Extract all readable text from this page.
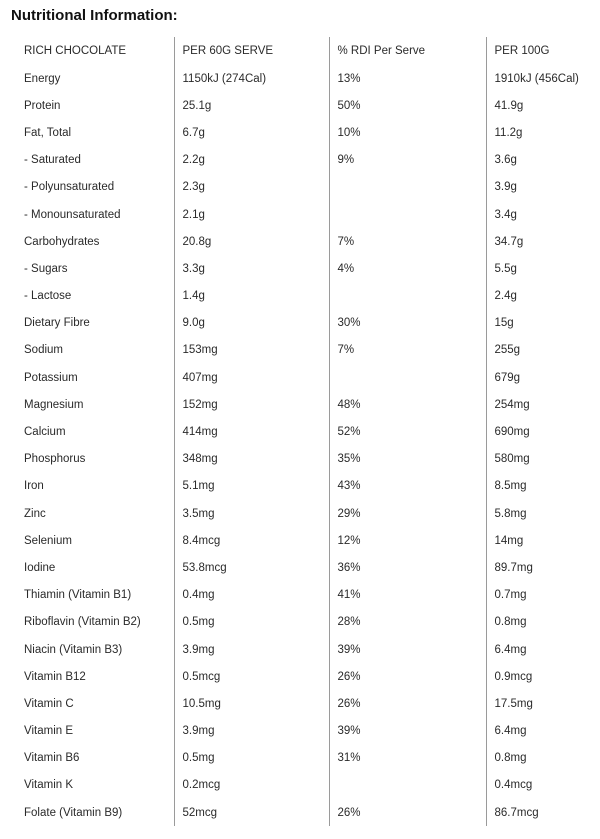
Nutritional Information:
RICH CHOCOLATE	PER 60G SERVE	% RDI Per Serve	PER 100G
Energy	1150kJ (274Cal)	13%	1910kJ (456Cal)
Protein	25.1g	50%	41.9g
Fat, Total	6.7g	10%	11.2g
- Saturated	2.2g	9%	3.6g
- Polyunsaturated	2.3g		3.9g
- Monounsaturated	2.1g		3.4g
Carbohydrates	20.8g	7%	34.7g
- Sugars	3.3g	4%	5.5g
- Lactose	1.4g		2.4g
Dietary Fibre	9.0g	30%	15g
Sodium	153mg	7%	255g
Potassium	407mg		679g
Magnesium	152mg	48%	254mg
Calcium	414mg	52%	690mg
Phosphorus	348mg	35%	580mg
Iron	5.1mg	43%	8.5mg
Zinc	3.5mg	29%	5.8mg
Selenium	8.4mcg	12%	14mg
Iodine	53.8mcg	36%	89.7mg
Thiamin (Vitamin B1)	0.4mg	41%	0.7mg
Riboflavin (Vitamin B2)	0.5mg	28%	0.8mg
Niacin (Vitamin B3)	3.9mg	39%	6.4mg
Vitamin B12	0.5mcg	26%	0.9mcg
Vitamin C	10.5mg	26%	17.5mg
Vitamin E	3.9mg	39%	6.4mg
Vitamin B6	0.5mg	31%	0.8mg
Vitamin K	0.2mcg		0.4mcg
Folate (Vitamin B9)	52mcg	26%	86.7mcg
